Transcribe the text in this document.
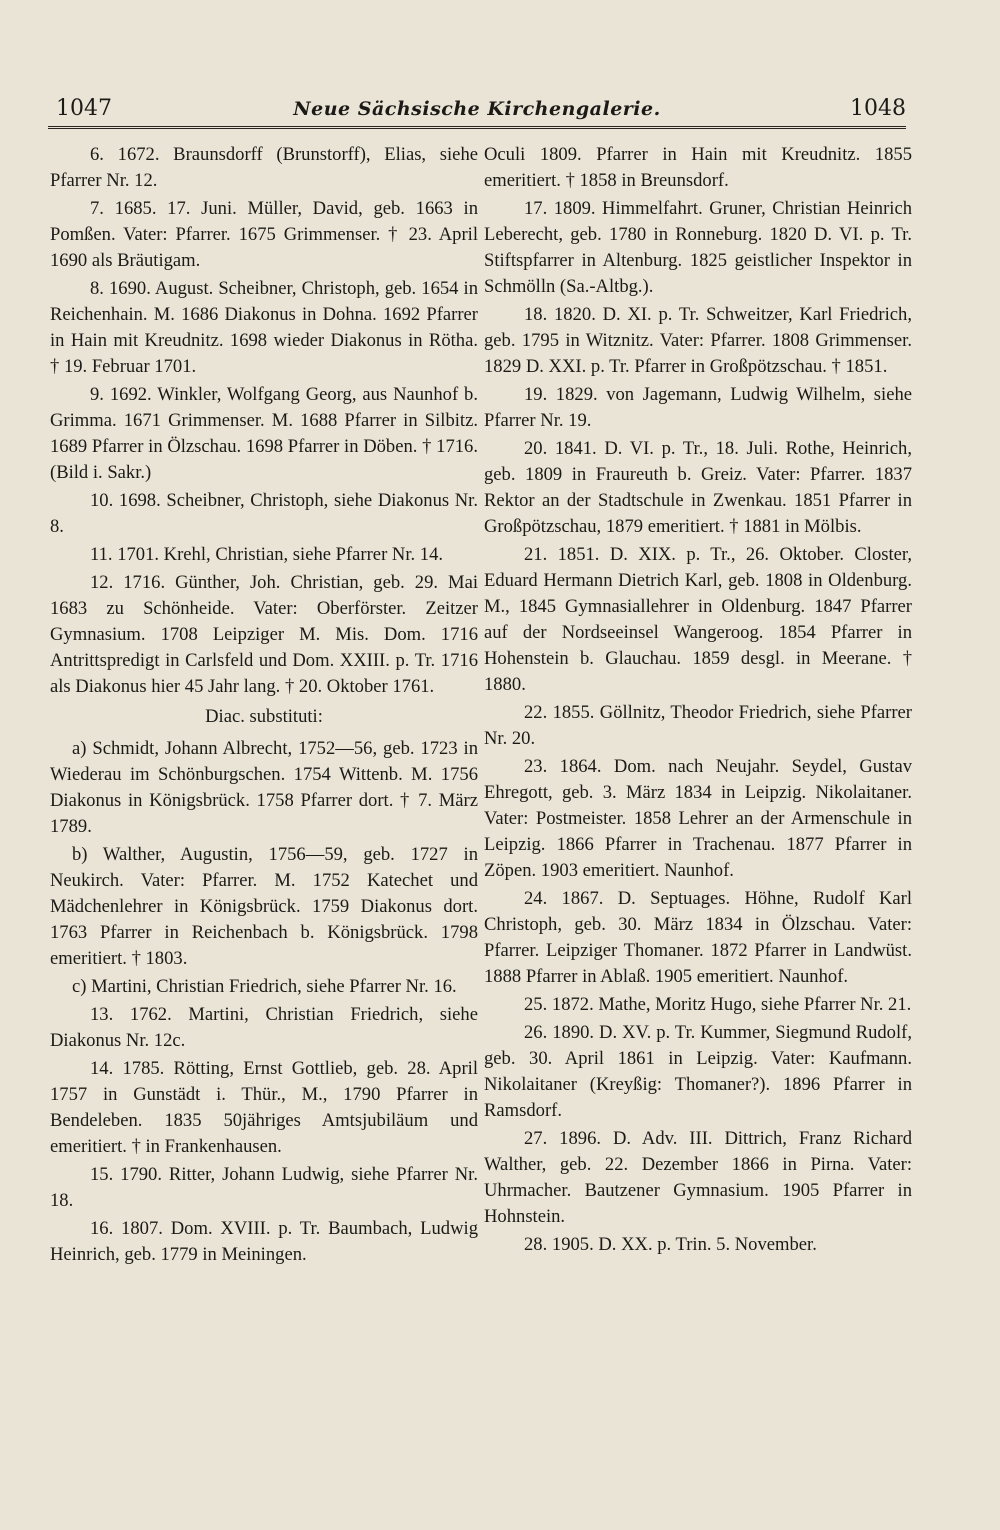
1047	Neue Sächsische Kirchengalerie.	1048

6. 1672. Braunsdorff (Brunstorff), Elias, siehe Pfarrer Nr. 12.

7. 1685. 17. Juni. Müller, David, geb. 1663 in Pomßen. Vater: Pfarrer. 1675 Grimmenser. † 23. April 1690 als Bräutigam.

8. 1690. August. Scheibner, Christoph, geb. 1654 in Reichenhain. M. 1686 Diakonus in Dohna. 1692 Pfarrer in Hain mit Kreudnitz. 1698 wieder Diakonus in Rötha. † 19. Februar 1701.

9. 1692. Winkler, Wolfgang Georg, aus Naunhof b. Grimma. 1671 Grimmenser. M. 1688 Pfarrer in Silbitz. 1689 Pfarrer in Ölzschau. 1698 Pfarrer in Döben. † 1716. (Bild i. Sakr.)

10. 1698. Scheibner, Christoph, siehe Diakonus Nr. 8.

11. 1701. Krehl, Christian, siehe Pfarrer Nr. 14.

12. 1716. Günther, Joh. Christian, geb. 29. Mai 1683 zu Schönheide. Vater: Oberförster. Zeitzer Gymnasium. 1708 Leipziger M. Mis. Dom. 1716 Antrittspredigt in Carlsfeld und Dom. XXIII. p. Tr. 1716 als Diakonus hier 45 Jahr lang. † 20. Oktober 1761.

Diac. substituti:

a) Schmidt, Johann Albrecht, 1752—56, geb. 1723 in Wiederau im Schönburgschen. 1754 Wittenb. M. 1756 Diakonus in Königsbrück. 1758 Pfarrer dort. † 7. März 1789.

b) Walther, Augustin, 1756—59, geb. 1727 in Neukirch. Vater: Pfarrer. M. 1752 Katechet und Mädchenlehrer in Königsbrück. 1759 Diakonus dort. 1763 Pfarrer in Reichenbach b. Königsbrück. 1798 emeritiert. † 1803.

c) Martini, Christian Friedrich, siehe Pfarrer Nr. 16.

13. 1762. Martini, Christian Friedrich, siehe Diakonus Nr. 12c.

14. 1785. Rötting, Ernst Gottlieb, geb. 28. April 1757 in Gunstädt i. Thür., M., 1790 Pfarrer in Bendeleben. 1835 50jähriges Amtsjubiläum und emeritiert. † in Frankenhausen.

15. 1790. Ritter, Johann Ludwig, siehe Pfarrer Nr. 18.

16. 1807. Dom. XVIII. p. Tr. Baumbach, Ludwig Heinrich, geb. 1779 in Meiningen.

Oculi 1809. Pfarrer in Hain mit Kreudnitz. 1855 emeritiert. † 1858 in Breunsdorf.

17. 1809. Himmelfahrt. Gruner, Christian Heinrich Leberecht, geb. 1780 in Ronneburg. 1820 D. VI. p. Tr. Stiftspfarrer in Altenburg. 1825 geistlicher Inspektor in Schmölln (Sa.-Altbg.).

18. 1820. D. XI. p. Tr. Schweitzer, Karl Friedrich, geb. 1795 in Witznitz. Vater: Pfarrer. 1808 Grimmenser. 1829 D. XXI. p. Tr. Pfarrer in Großpötzschau. † 1851.

19. 1829. von Jagemann, Ludwig Wilhelm, siehe Pfarrer Nr. 19.

20. 1841. D. VI. p. Tr., 18. Juli. Rothe, Heinrich, geb. 1809 in Fraureuth b. Greiz. Vater: Pfarrer. 1837 Rektor an der Stadtschule in Zwenkau. 1851 Pfarrer in Großpötzschau, 1879 emeritiert. † 1881 in Mölbis.

21. 1851. D. XIX. p. Tr., 26. Oktober. Closter, Eduard Hermann Dietrich Karl, geb. 1808 in Oldenburg. M., 1845 Gymnasiallehrer in Oldenburg. 1847 Pfarrer auf der Nordseeinsel Wangeroog. 1854 Pfarrer in Hohenstein b. Glauchau. 1859 desgl. in Meerane. † 1880.

22. 1855. Göllnitz, Theodor Friedrich, siehe Pfarrer Nr. 20.

23. 1864. Dom. nach Neujahr. Seydel, Gustav Ehregott, geb. 3. März 1834 in Leipzig. Nikolaitaner. Vater: Postmeister. 1858 Lehrer an der Armenschule in Leipzig. 1866 Pfarrer in Trachenau. 1877 Pfarrer in Zöpen. 1903 emeritiert. Naunhof.

24. 1867. D. Septuages. Höhne, Rudolf Karl Christoph, geb. 30. März 1834 in Ölzschau. Vater: Pfarrer. Leipziger Thomaner. 1872 Pfarrer in Landwüst. 1888 Pfarrer in Ablaß. 1905 emeritiert. Naunhof.

25. 1872. Mathe, Moritz Hugo, siehe Pfarrer Nr. 21.

26. 1890. D. XV. p. Tr. Kummer, Siegmund Rudolf, geb. 30. April 1861 in Leipzig. Vater: Kaufmann. Nikolaitaner (Kreyßig: Thomaner?). 1896 Pfarrer in Ramsdorf.

27. 1896. D. Adv. III. Dittrich, Franz Richard Walther, geb. 22. Dezember 1866 in Pirna. Vater: Uhrmacher. Bautzener Gymnasium. 1905 Pfarrer in Hohnstein.

28. 1905. D. XX. p. Trin. 5. November.
